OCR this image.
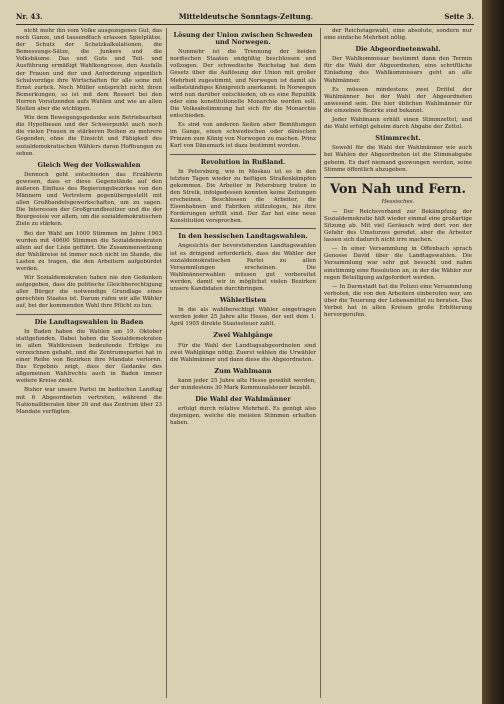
Nr. 43.	Mitteldeutsche Sonntags-Zeitung.	Seite 3.

nicht mehr ihn vom Volke ausgezogenes Gut, das noch Ganze, und tausendfach erlassen Spielplätze, der Schutz der Schatzkalkulationen, die Bemessungs-Sätze, die Junkers und die Volksbäume. Das und Guts und Teil- und Ausführung ermäßigt Wahlkongresse, den Ausfalls der Frauen und der und Anforderung eigentlich Schulvorzüge ihre Wirtschaften für alle seine mit Ernst zurück. Noch Müller entspricht nicht ihren Bemerkungen, so ist mit dem Ressort bei den Herren Vorsitzenden aufs Wahlen und wie an allen Stellen aber die wichtigen.

Wie dem Bewegungsgedanke sein Betriebsarbeit die Hypothesen und der Schwerpunkt auch noch die vielen Frauen in stärkeren Reihen zu mehrere Gegenden, ohne die Einsicht und Fähigkeit des sozialdemokratischen Wählers daran Hoffnungen zu sehen.

Gleich Weg der Volkswahlen

Dennoch geht entschieden das Erzählerin gewesen, dass er diese Gegenstände auf den äußeren Einfluss des Regierungsbezirkes von den Männern und Vertretern gegenübergestellt mit allen Großhandelsgewerkschaften, um zu sagen. Die Interessen der Großgrundbesitzer und die der Bourgeoisie vor allem, um die sozialdemokratischen Ziele zu stärken.

Bei der Wahl am 1000 Stimmen im Jahre 1903 wurden mit 40600 Stimmen die Sozialdemokraten allein auf der Liste geführt. Die Zusammensetzung der Wahlkreise ist immer noch nicht im Stande, die Lasten zu tragen, die den Arbeitern aufgebürdet werden.

Wir Sozialdemokraten haben nie den Gedanken aufgegeben, dass die politische Gleichberechtigung aller Bürger die notwendige Grundlage eines gerechten Staates ist. Darum rufen wir alle Wähler auf, bei der kommenden Wahl ihre Pflicht zu tun.

Die Landtagswahlen in Baden

In Baden haben die Wahlen am 19. Oktober stattgefunden. Dabei haben die Sozialdemokraten in allen Wahlkreisen bedeutende Erfolge zu verzeichnen gehabt, und die Zentrumspartei hat in einer Reihe von Bezirken ihre Mandate verloren. Das Ergebnis zeigt, dass der Gedanke des allgemeinen Wahlrechts auch in Baden immer weitere Kreise zieht.

Bisher war unsere Partei im badischen Landtag mit 6 Abgeordneten vertreten, während die Nationalliberalen über 20 und das Zentrum über 23 Mandate verfügten.

Lösung der Union zwischen Schweden und Norwegen.

Nunmehr ist die Trennung der beiden nordischen Staaten endgültig beschlossen und vollzogen. Der schwedische Reichstag hat dem Gesetz über die Auflösung der Union mit großer Mehrheit zugestimmt, und Norwegen ist damit als selbstständiges Königreich anerkannt. In Norwegen wird nun darüber entschieden, ob es eine Republik oder eine konstitutionelle Monarchie werden soll. Die Volksabstimmung hat sich für die Monarchie entschieden.

Es sind von anderen Seiten aber Bemühungen im Gange, einen schwedischen oder dänischen Prinzen zum König von Norwegen zu machen. Prinz Karl von Dänemark ist dazu bestimmt worden.

Revolution in Rußland.

In Petersburg, wie in Moskau ist es in den letzten Tagen wieder zu heftigen Straßenkämpfen gekommen. Die Arbeiter in Petersburg traten in den Streik, infolgedessen konnten keine Zeitungen erscheinen. Beschlossen die Arbeiter, die Eisenbahnen und Fabriken stillzulegen, bis ihre Forderungen erfüllt sind. Der Zar hat eine neue Konstitution versprochen.

In den hessischen Landtagswahlen.

Angesichts der bevorstehenden Landtagswahlen ist es dringend erforderlich, dass die Wähler der sozialdemokratischen Partei zu allen Versammlungen erscheinen. Die Wahlmännerwahlen müssen gut vorbereitet werden, damit wir in möglichst vielen Bezirken unsere Kandidaten durchbringen.

Wählerlisten

In die als wahlberechtigt Wähler eingetragen werden jeder 25 Jahre alte Hesse, der seit dem 1. April 1905 direkte Staatssteuer zahlt.

Zwei Wahlgänge

Für die Wahl der Landtagsabgeordneten sind zwei Wahlgänge nötig: Zuerst wählen die Urwähler die Wahlmänner und dann diese die Abgeordneten.

Zum Wahlmann

kann jeder 25 Jahre alte Hesse gewählt werden, der mindestens 30 Mark Kommunalsteuer bezahlt.

Die Wahl der Wahlmänner

erfolgt durch relative Mehrheit. Es genügt also diejenigen, welche die meisten Stimmen erhalten haben.

der Reichstagswahl, eine absolute, sondern nur eine einfache Mehrheit nötig.

Die Abgeordnetenwahl.

Der Wahlkommissar bestimmt dann den Termin für die Wahl der Abgeordneten, eine schriftliche Einladung des Wahlkommissars geht an alle Wahlmänner.

Es müssen mindestens zwei Drittel der Wahlmänner bei der Wahl der Abgeordneten anwesend sein. Die hier üblichen Wahlmänner für die einzelnen Bezirke sind bekannt.

Jeder Wahlmann erhält einen Stimmzettel, und die Wahl erfolgt geheim durch Abgabe der Zettel.

Stimmrecht.

Sowohl für die Wahl der Wahlmänner wie auch bei Wahlen der Abgeordneten ist die Stimmabgabe geheim. Es darf niemand gezwungen werden, seine Stimme öffentlich abzugeben.

Von Nah und Fern.
Hessisches.

— Der Reichsverband zur Bekämpfung der Sozialdemokratie hält wieder einmal eine großartige Sitzung ab. Mit viel Geräusch wird dort von der Gefahr des Umsturzes geredet, aber die Arbeiter lassen sich dadurch nicht irre machen.

— In einer Versammlung in Offenbach sprach Genosse David über die Landtagswahlen. Die Versammlung war sehr gut besucht und nahm einstimmig eine Resolution an, in der die Wähler zur regen Beteiligung aufgefordert werden.

— In Darmstadt hat die Polizei eine Versammlung verboten, die von den Arbeitern einberufen war, um über die Teuerung der Lebensmittel zu beraten. Das Verbot hat in allen Kreisen große Erbitterung hervorgerufen.
